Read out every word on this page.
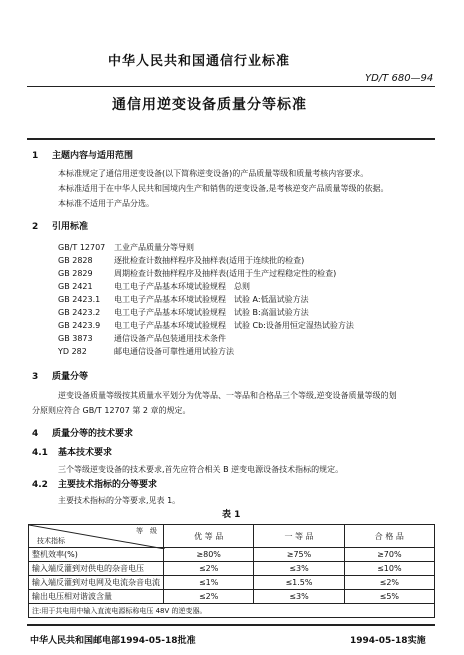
中华人民共和国通信行业标准
YD/T 680—94
通信用逆变设备质量分等标准
1 主题内容与适用范围
本标准规定了通信用逆变设备(以下简称逆变设备)的产品质量等级和质量考核内容要求。
本标准适用于在中华人民共和国境内生产和销售的逆变设备,是考核逆变产品质量等级的依据。
本标准不适用于产品分选。
2 引用标准
GB/T 12707 工业产品质量分等导则
GB 2828	逐批检查计数抽样程序及抽样表(适用于连续批的检查)
GB 2829	周期检查计数抽样程序及抽样表(适用于生产过程稳定性的检查)
GB 2421	电工电子产品基本环境试验规程　总则
GB 2423.1 电工电子产品基本环境试验规程　试验 A:低温试验方法
GB 2423.2 电工电子产品基本环境试验规程　试验 B:高温试验方法
GB 2423.9 电工电子产品基本环境试验规程　试验 Cb:设备用恒定湿热试验方法
GB 3873	通信设备产品包装通用技术条件
YD 282	邮电通信设备可靠性通用试验方法
3 质量分等
逆变设备质量等级按其质量水平划分为优等品、一等品和合格品三个等级,逆变设备质量等级的划
分原则应符合 GB/T 12707 第 2 章的规定。
4 质量分等的技术要求
4.1 基本技术要求
三个等级逆变设备的技术要求,首先应符合相关 B 逆变电源设备技术指标的规定。
4.2 主要技术指标的分等要求
主要技术指标的分等要求,见表 1。
表 1
等　级
技术指标	优 等 品	一 等 品	合 格 品
整机效率(%)	≥80%	≥75%	≥70%
输入端反灌到对供电的杂音电压	≤2%	≤3%	≤10%
输入端反灌到对电网及电流杂音电流	≤1%	≤1.5%	≤2%
输出电压相对谐波含量	≤2%	≤3%	≤5%
注:用于共电用中输入直流电源标称电压 48V 的逆变器。			
中华人民共和国邮电部1994-05-18批准	1994-05-18实施
